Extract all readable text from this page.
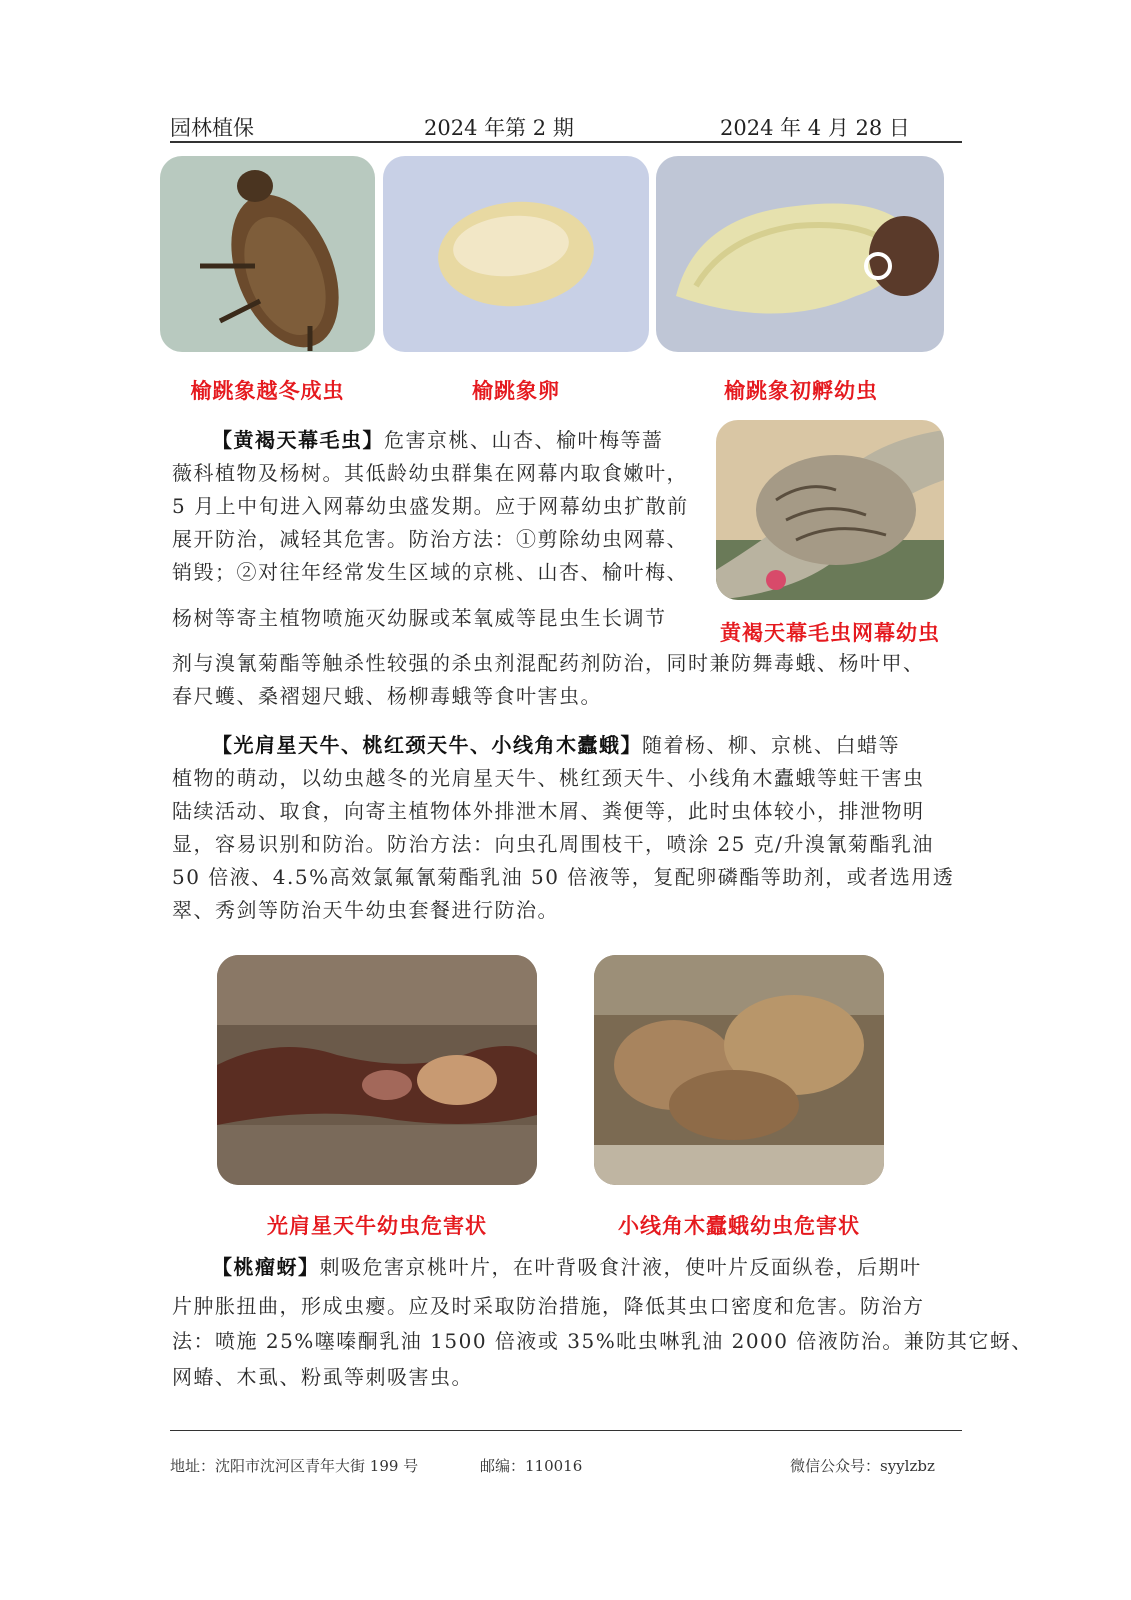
园林植保	2024 年第 2 期	2024 年 4 月 28 日
榆跳象越冬成虫	榆跳象卵	榆跳象初孵幼虫
【黄褐天幕毛虫】危害京桃、山杏、榆叶梅等蔷
薇科植物及杨树。其低龄幼虫群集在网幕内取食嫩叶，
5 月上中旬进入网幕幼虫盛发期。应于网幕幼虫扩散前
展开防治，减轻其危害。防治方法：①剪除幼虫网幕、
销毁；②对往年经常发生区域的京桃、山杏、榆叶梅、
杨树等寄主植物喷施灭幼脲或苯氧威等昆虫生长调节
剂与溴氰菊酯等触杀性较强的杀虫剂混配药剂防治，同时兼防舞毒蛾、杨叶甲、
春尺蠖、桑褶翅尺蛾、杨柳毒蛾等食叶害虫。
黄褐天幕毛虫网幕幼虫
【光肩星天牛、桃红颈天牛、小线角木蠹蛾】随着杨、柳、京桃、白蜡等
植物的萌动，以幼虫越冬的光肩星天牛、桃红颈天牛、小线角木蠹蛾等蛀干害虫
陆续活动、取食，向寄主植物体外排泄木屑、粪便等，此时虫体较小，排泄物明
显，容易识别和防治。防治方法：向虫孔周围枝干，喷涂 25 克/升溴氰菊酯乳油
50 倍液、4.5%高效氯氟氰菊酯乳油 50 倍液等，复配卵磷酯等助剂，或者选用透
翠、秀剑等防治天牛幼虫套餐进行防治。
光肩星天牛幼虫危害状	小线角木蠹蛾幼虫危害状
【桃瘤蚜】刺吸危害京桃叶片，在叶背吸食汁液，使叶片反面纵卷，后期叶
片肿胀扭曲，形成虫瘿。应及时采取防治措施，降低其虫口密度和危害。防治方
法：喷施 25%噻嗪酮乳油 1500 倍液或 35%吡虫啉乳油 2000 倍液防治。兼防其它蚜、
网蝽、木虱、粉虱等刺吸害虫。
地址：沈阳市沈河区青年大街 199 号	邮编：110016	微信公众号：syylzbz
